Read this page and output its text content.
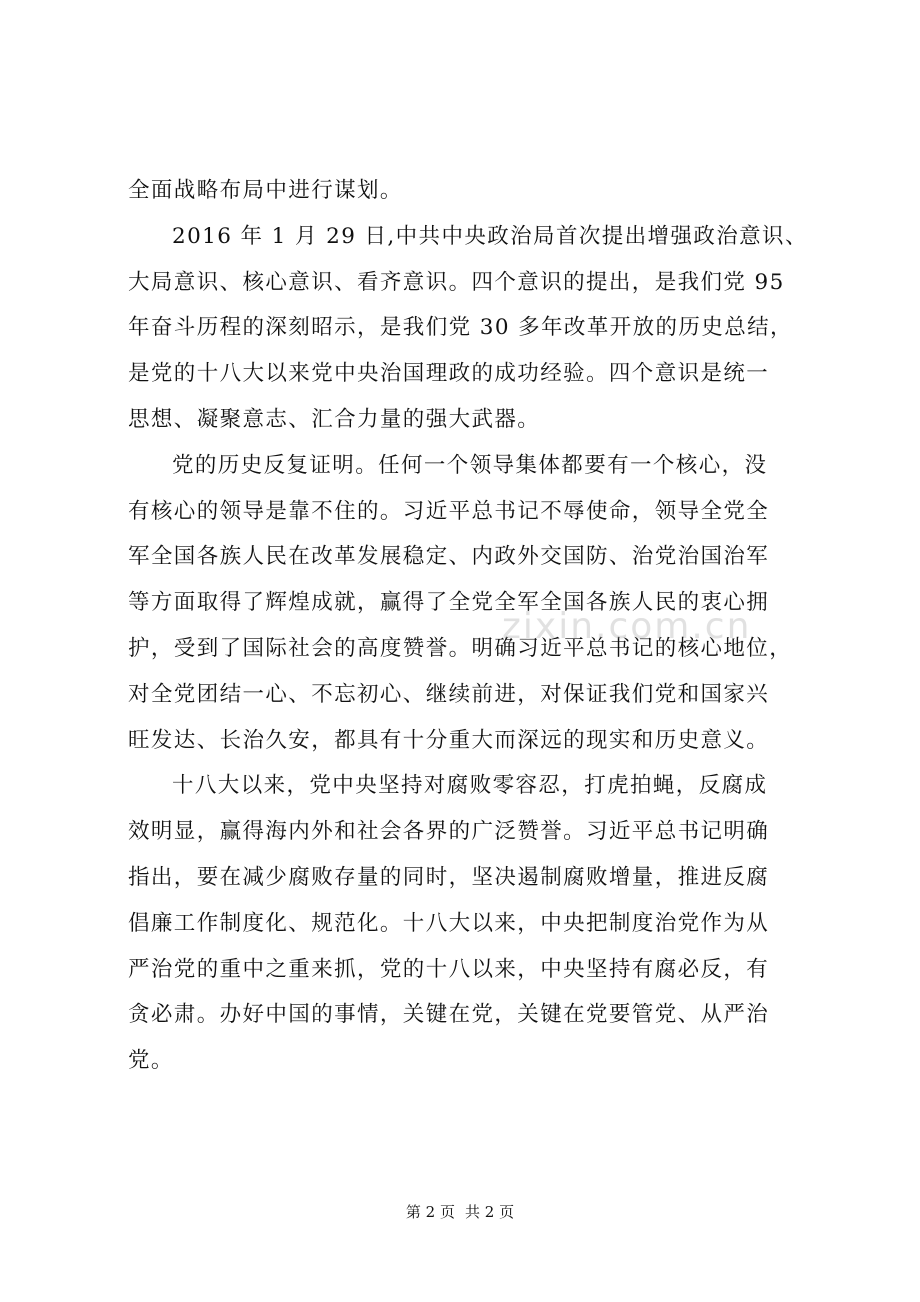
全面战略布局中进行谋划。
2016 年 1 月 29 日,中共中央政治局首次提出增强政治意识、
大局意识、核心意识、看齐意识。四个意识的提出，是我们党 95
年奋斗历程的深刻昭示，是我们党 30 多年改革开放的历史总结，
是党的十八大以来党中央治国理政的成功经验。四个意识是统一
思想、凝聚意志、汇合力量的强大武器。
党的历史反复证明。任何一个领导集体都要有一个核心，没
有核心的领导是靠不住的。习近平总书记不辱使命，领导全党全
军全国各族人民在改革发展稳定、内政外交国防、治党治国治军
等方面取得了辉煌成就，赢得了全党全军全国各族人民的衷心拥
护，受到了国际社会的高度赞誉。明确习近平总书记的核心地位，
对全党团结一心、不忘初心、继续前进，对保证我们党和国家兴
旺发达、长治久安，都具有十分重大而深远的现实和历史意义。
十八大以来，党中央坚持对腐败零容忍，打虎拍蝇，反腐成
效明显，赢得海内外和社会各界的广泛赞誉。习近平总书记明确
指出，要在减少腐败存量的同时，坚决遏制腐败增量，推进反腐
倡廉工作制度化、规范化。十八大以来，中央把制度治党作为从
严治党的重中之重来抓，党的十八以来，中央坚持有腐必反，有
贪必肃。办好中国的事情，关键在党，关键在党要管党、从严治
党。
zixin.com.cn
第 2 页 共 2 页
